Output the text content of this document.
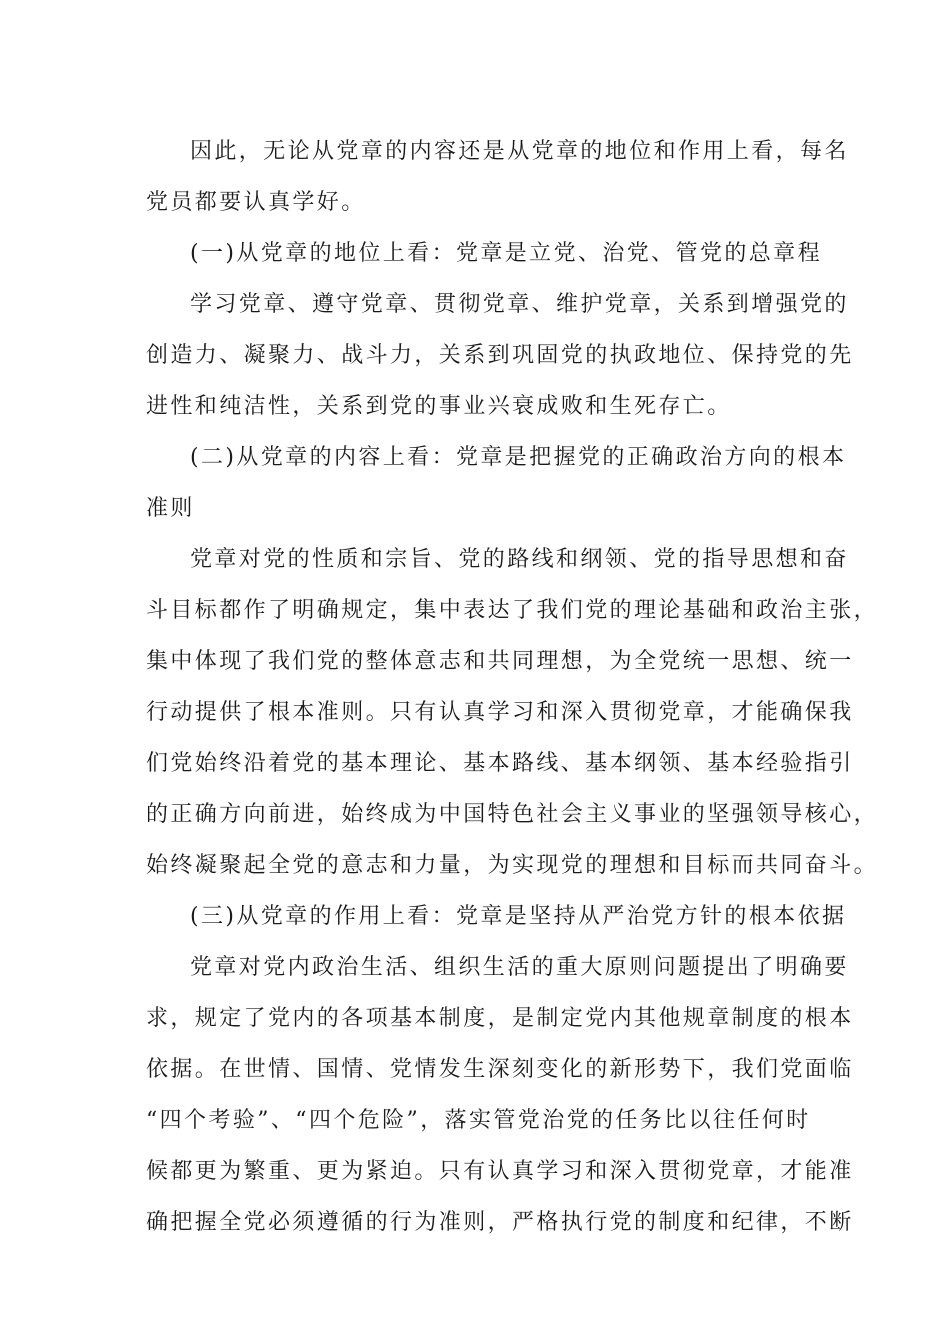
因此，无论从党章的内容还是从党章的地位和作用上看，每名
党员都要认真学好。
(一)从党章的地位上看：党章是立党、治党、管党的总章程
学习党章、遵守党章、贯彻党章、维护党章，关系到增强党的
创造力、凝聚力、战斗力，关系到巩固党的执政地位、保持党的先
进性和纯洁性，关系到党的事业兴衰成败和生死存亡。
(二)从党章的内容上看：党章是把握党的正确政治方向的根本
准则
党章对党的性质和宗旨、党的路线和纲领、党的指导思想和奋
斗目标都作了明确规定，集中表达了我们党的理论基础和政治主张，
集中体现了我们党的整体意志和共同理想，为全党统一思想、统一
行动提供了根本准则。只有认真学习和深入贯彻党章，才能确保我
们党始终沿着党的基本理论、基本路线、基本纲领、基本经验指引
的正确方向前进，始终成为中国特色社会主义事业的坚强领导核心，
始终凝聚起全党的意志和力量，为实现党的理想和目标而共同奋斗。
(三)从党章的作用上看：党章是坚持从严治党方针的根本依据
党章对党内政治生活、组织生活的重大原则问题提出了明确要
求，规定了党内的各项基本制度，是制定党内其他规章制度的根本
依据。在世情、国情、党情发生深刻变化的新形势下，我们党面临
“四个考验”、“四个危险”，落实管党治党的任务比以往任何时
候都更为繁重、更为紧迫。只有认真学习和深入贯彻党章，才能准
确把握全党必须遵循的行为准则，严格执行党的制度和纪律，不断
